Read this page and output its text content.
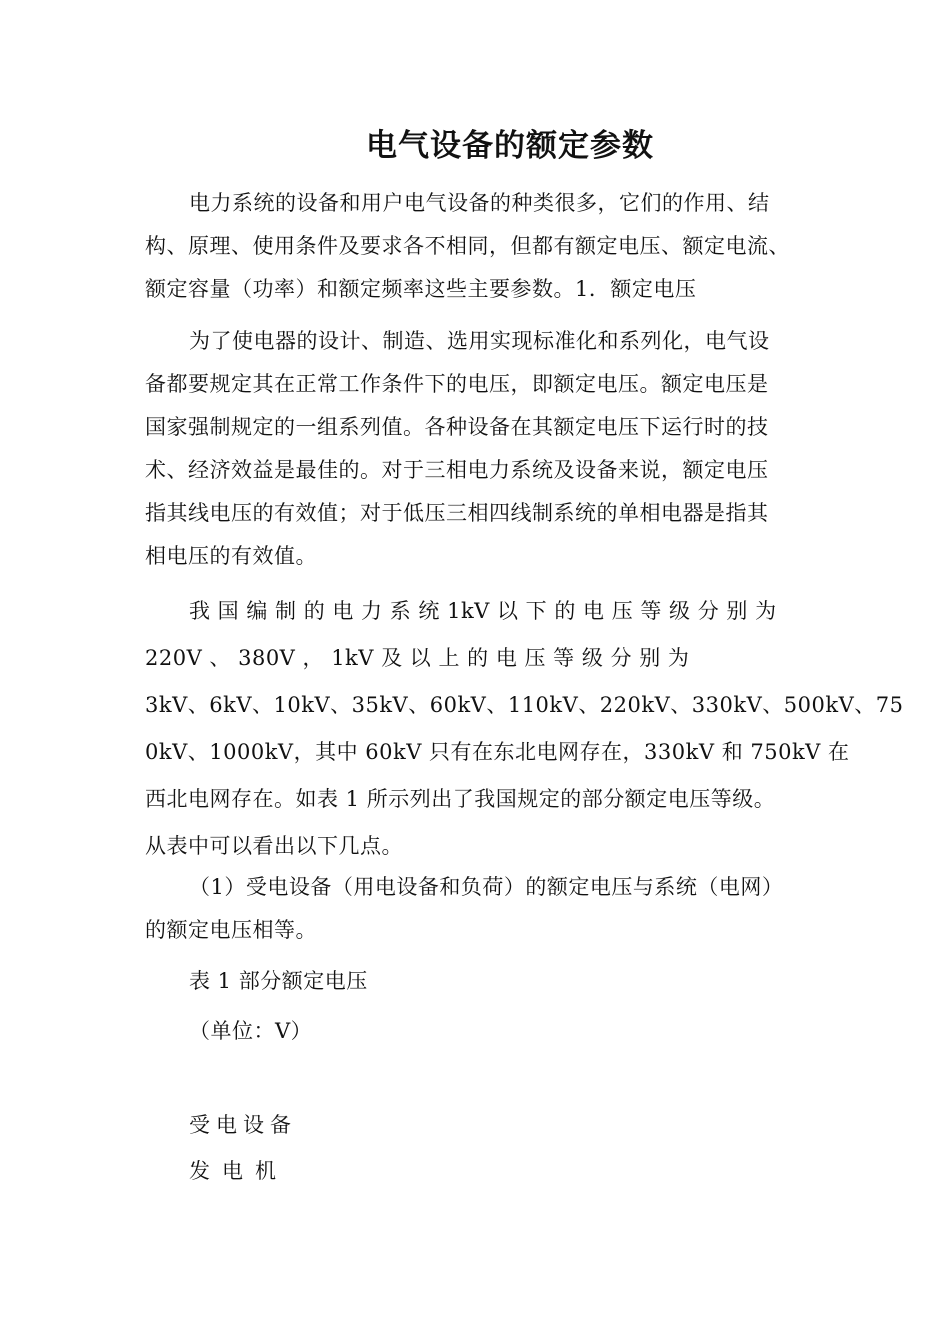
电气设备的额定参数
电力系统的设备和用户电气设备的种类很多，它们的作用、结
构、原理、使用条件及要求各不相同，但都有额定电压、额定电流、
额定容量（功率）和额定频率这些主要参数。1．额定电压
为了使电器的设计、制造、选用实现标准化和系列化，电气设
备都要规定其在正常工作条件下的电压，即额定电压。额定电压是
国家强制规定的一组系列值。各种设备在其额定电压下运行时的技
术、经济效益是最佳的。对于三相电力系统及设备来说，额定电压
指其线电压的有效值；对于低压三相四线制系统的单相电器是指其
相电压的有效值。
我 国 编 制 的 电 力 系 统 1kV 以 下 的 电 压 等 级 分 别 为
220V 、 380V ， 1kV 及 以 上 的 电 压 等 级 分 别 为
3kV、6kV、10kV、35kV、60kV、110kV、220kV、330kV、500kV、75
0kV、1000kV，其中 60kV 只有在东北电网存在，330kV 和 750kV 在
西北电网存在。如表 1 所示列出了我国规定的部分额定电压等级。
从表中可以看出以下几点。
（1）受电设备（用电设备和负荷）的额定电压与系统（电网）
的额定电压相等。
表 1 部分额定电压
（单位：V）
受电设备
发电机
